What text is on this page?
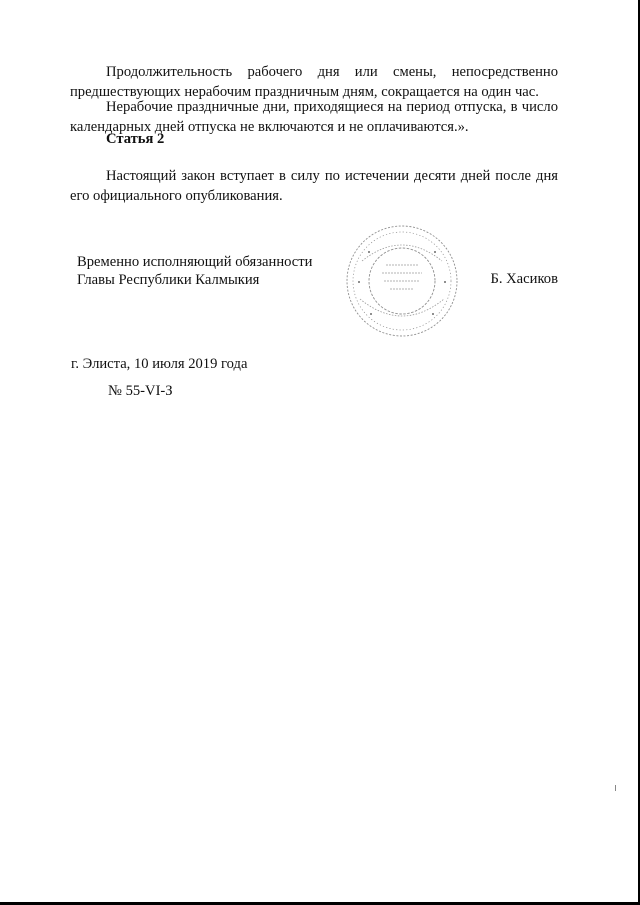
Продолжительность рабочего дня или смены, непосредственно предшествующих нерабочим праздничным дням, сокращается на один час.

Нерабочие праздничные дни, приходящиеся на период отпуска, в число календарных дней отпуска не включаются и не оплачиваются.».

Статья 2

Настоящий закон вступает в силу по истечении десяти дней после дня его официального опубликования.

Временно исполняющий обязанности
Главы Республики Калмыкия	Б. Хасиков
г. Элиста, 10 июля 2019 года
№ 55-VI-З
